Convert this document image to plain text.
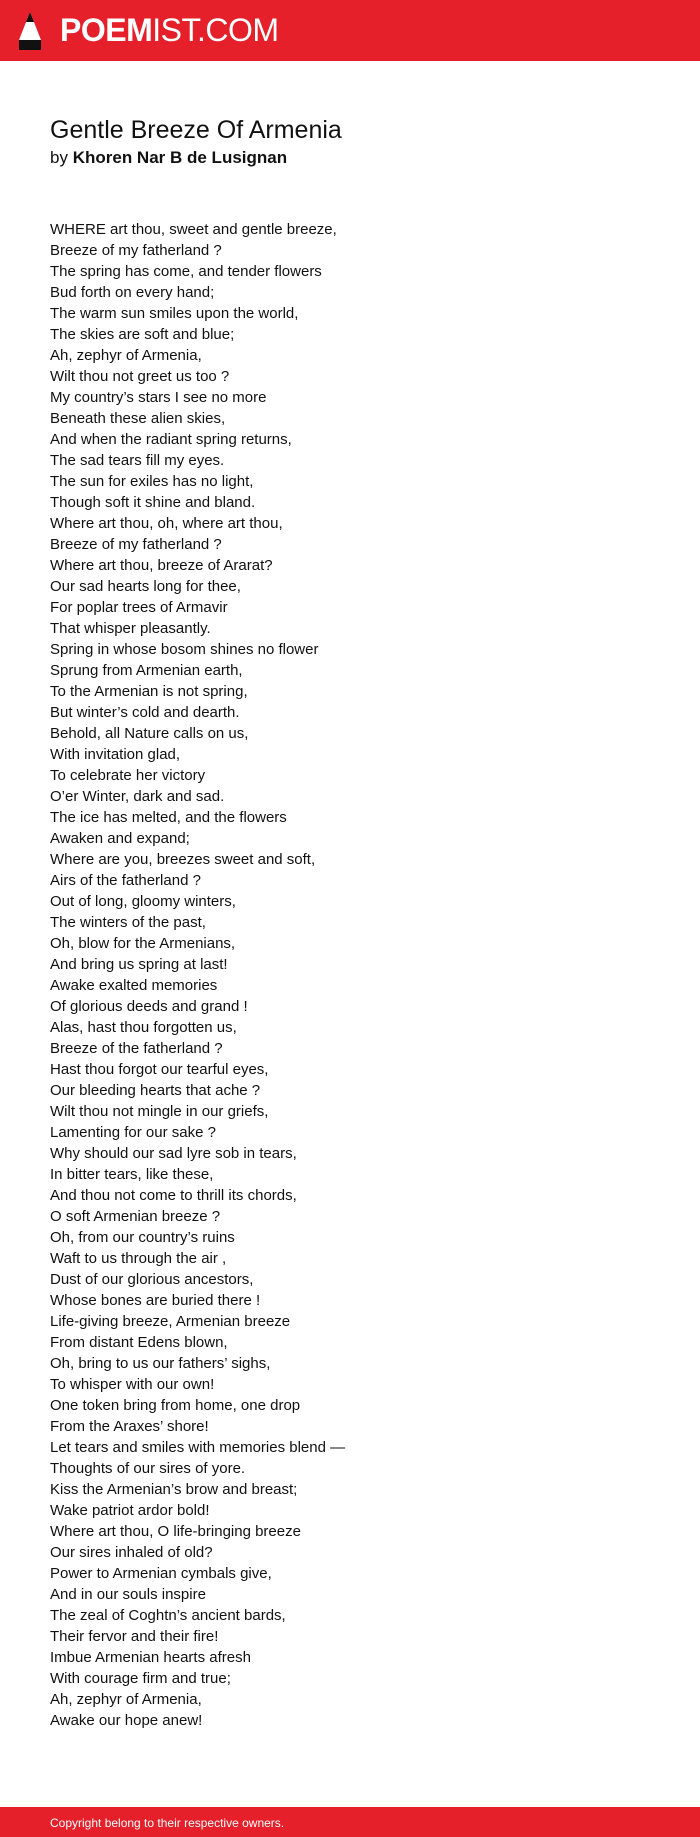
POEMIST.COM
Gentle Breeze Of Armenia
by Khoren Nar B de Lusignan
WHERE art thou, sweet and gentle breeze,
Breeze of my fatherland ?
The spring has come, and tender flowers
Bud forth on every hand;
The warm sun smiles upon the world,
The skies are soft and blue;
Ah, zephyr of Armenia,
Wilt thou not greet us too ?
My country’s stars I see no more
Beneath these alien skies,
And when the radiant spring returns,
The sad tears fill my eyes.
The sun for exiles has no light,
Though soft it shine and bland.
Where art thou, oh, where art thou,
Breeze of my fatherland ?
Where art thou, breeze of Ararat?
Our sad hearts long for thee,
For poplar trees of Armavir
That whisper pleasantly.
Spring in whose bosom shines no flower
Sprung from Armenian earth,
To the Armenian is not spring,
But winter’s cold and dearth.
Behold, all Nature calls on us,
With invitation glad,
To celebrate her victory
O’er Winter, dark and sad.
The ice has melted, and the flowers
Awaken and expand;
Where are you, breezes sweet and soft,
Airs of the fatherland ?
Out of long, gloomy winters,
The winters of the past,
Oh, blow for the Armenians,
And bring us spring at last!
Awake exalted memories
Of glorious deeds and grand !
Alas, hast thou forgotten us,
Breeze of the fatherland ?
Hast thou forgot our tearful eyes,
Our bleeding hearts that ache ?
Wilt thou not mingle in our griefs,
Lamenting for our sake ?
Why should our sad lyre sob in tears,
In bitter tears, like these,
And thou not come to thrill its chords,
O soft Armenian breeze ?
Oh, from our country’s ruins
Waft to us through the air ,
Dust of our glorious ancestors,
Whose bones are buried there !
Life-giving breeze, Armenian breeze
From distant Edens blown,
Oh, bring to us our fathers’ sighs,
To whisper with our own!
One token bring from home, one drop
From the Araxes’ shore!
Let tears and smiles with memories blend —
Thoughts of our sires of yore.
Kiss the Armenian’s brow and breast;
Wake patriot ardor bold!
Where art thou, O life-bringing breeze
Our sires inhaled of old?
Power to Armenian cymbals give,
And in our souls inspire
The zeal of Coghtn’s ancient bards,
Their fervor and their fire!
Imbue Armenian hearts afresh
With courage firm and true;
Ah, zephyr of Armenia,
Awake our hope anew!
Copyright belong to their respective owners.
